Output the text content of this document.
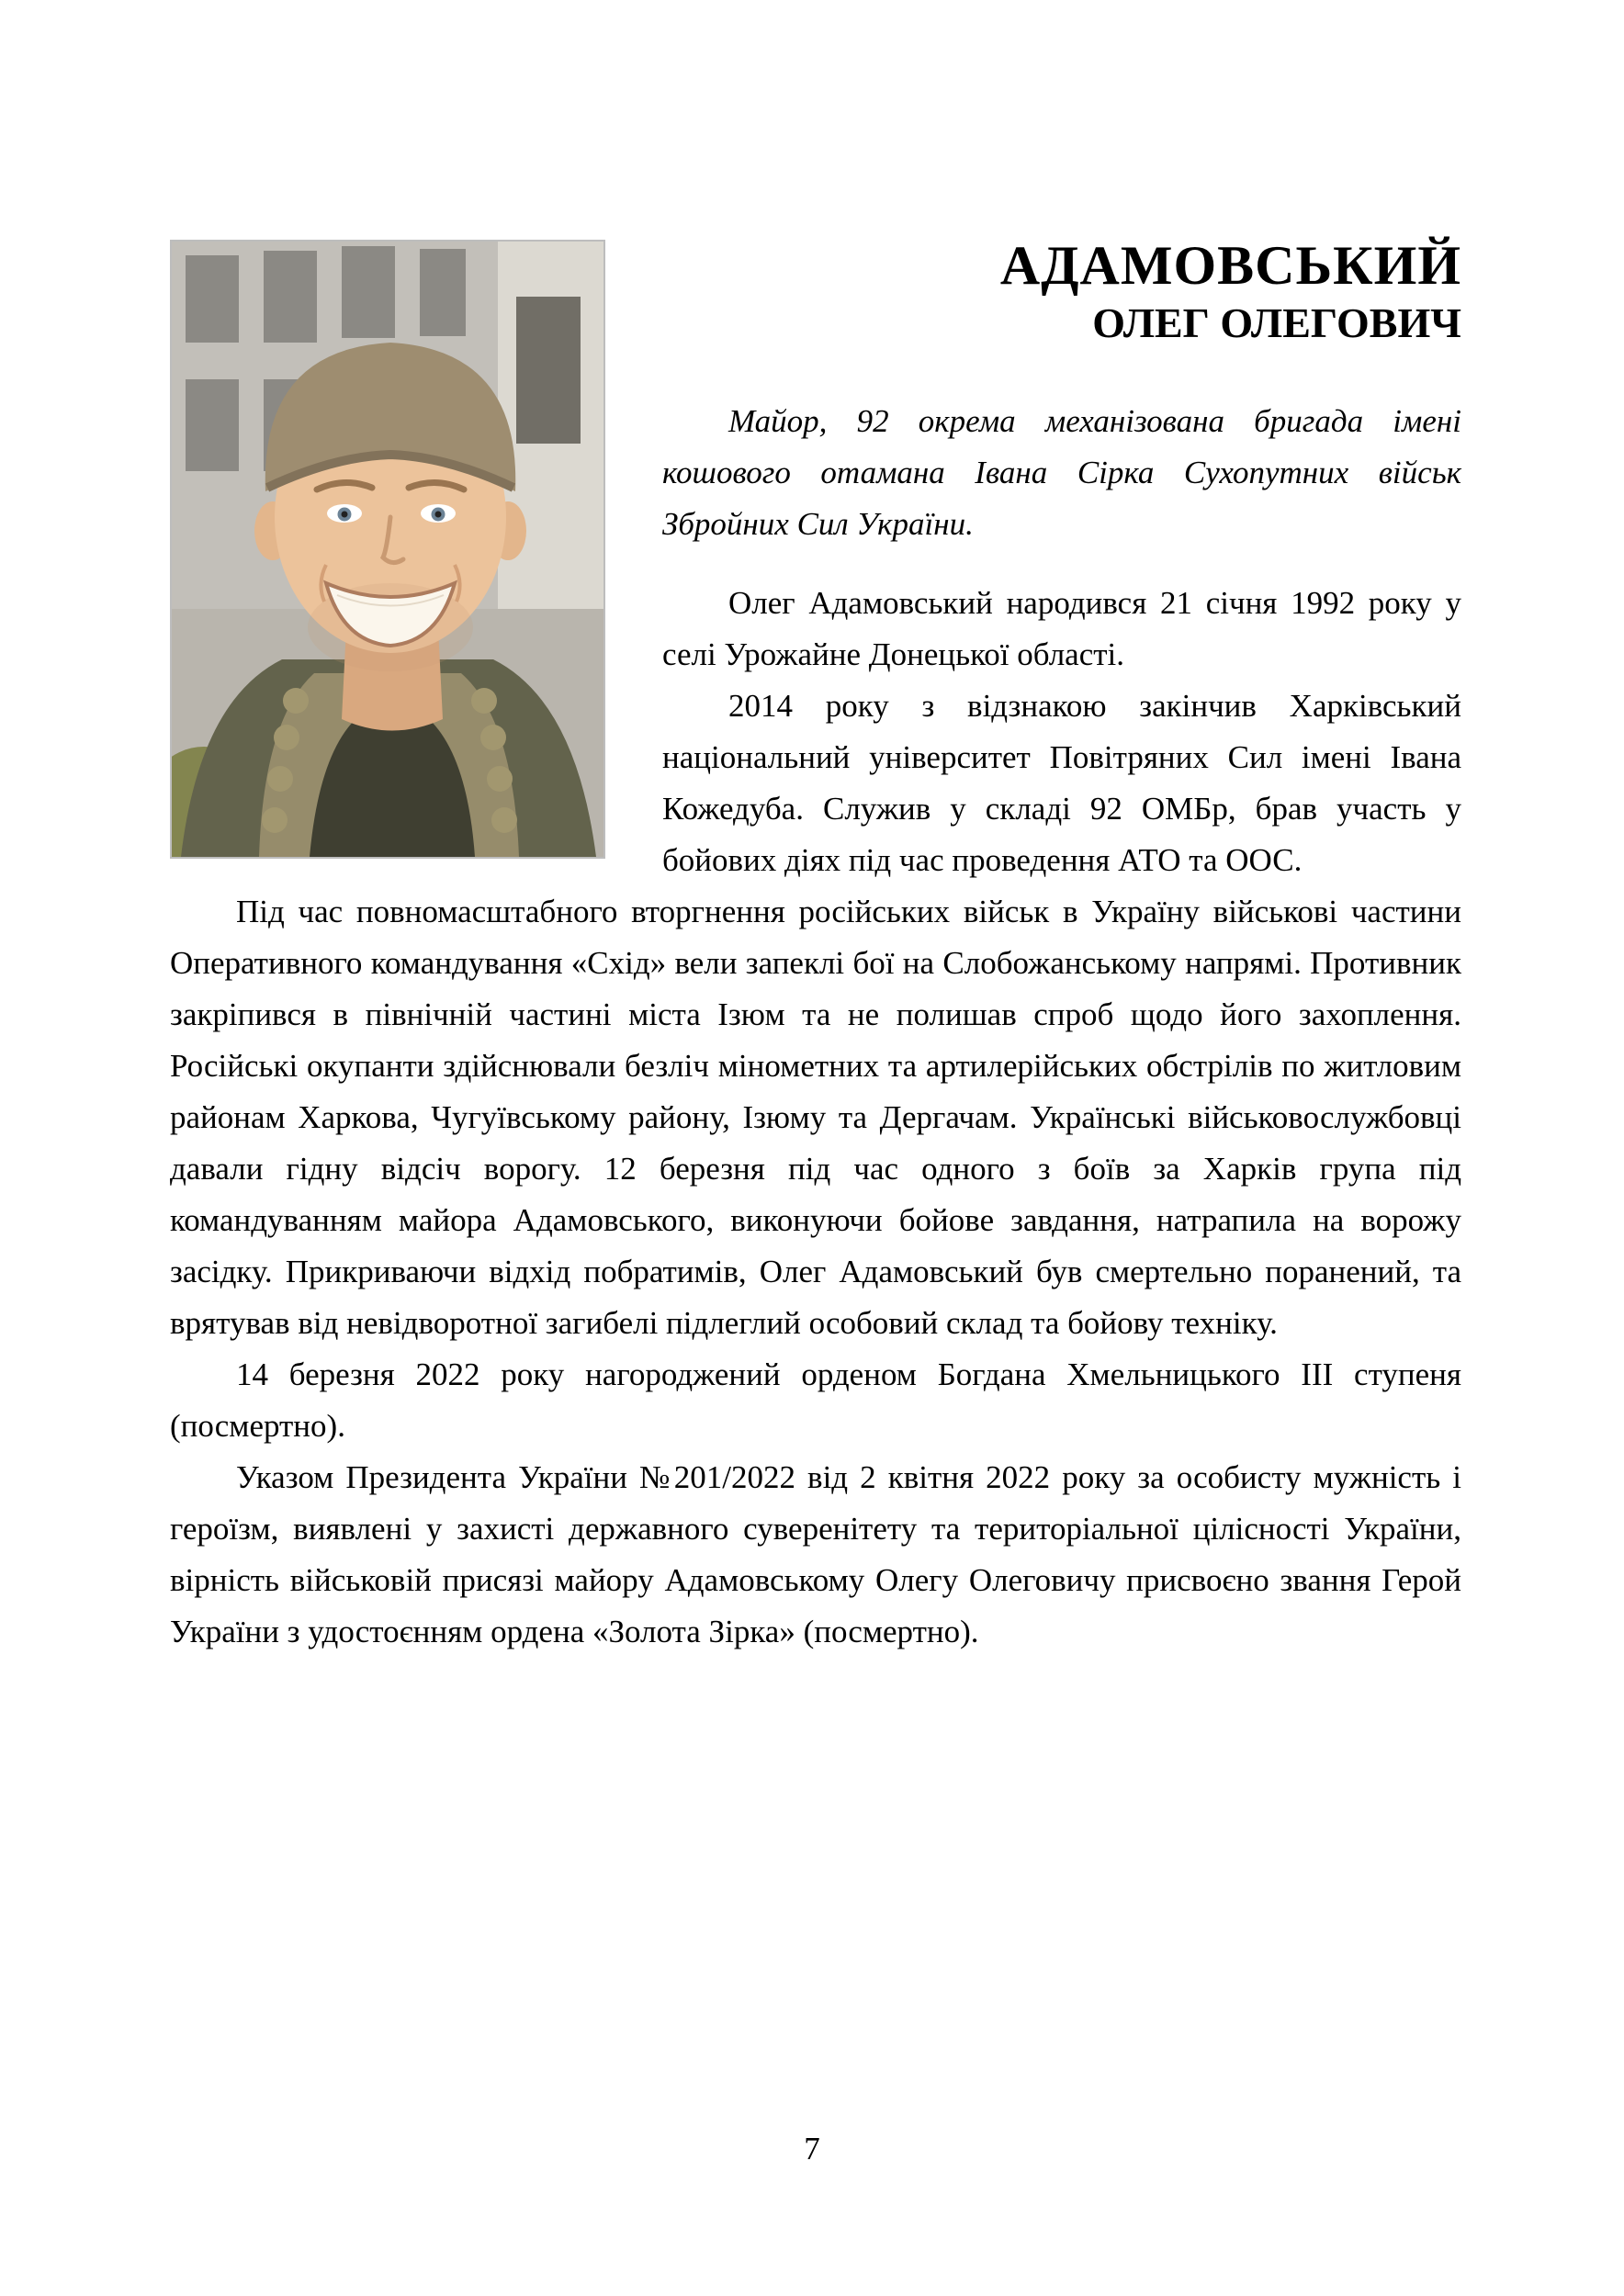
АДАМОВСЬКИЙ
ОЛЕГ ОЛЕГОВИЧ

Майор, 92 окрема механізована бригада імені кошового отамана Івана Сірка Сухопутних військ Збройних Сил України.

Олег Адамовський народився 21 січня 1992 року у селі Урожайне Донецької області.

2014 року з відзнакою закінчив Харківський національний університет Повітряних Сил імені Івана Кожедуба. Служив у складі 92 ОМБр, брав участь у бойових діях під час проведення АТО та ООС.

Під час повномасштабного вторгнення російських військ в Україну військові частини Оперативного командування «Схід» вели запеклі бої на Слобожанському напрямі. Противник закріпився в північній частині міста Ізюм та не полишав спроб щодо його захоплення. Російські окупанти здійснювали безліч мінометних та артилерійських обстрілів по житловим районам Харкова, Чугуївському району, Ізюму та Дергачам. Українські військовослужбовці давали гідну відсіч ворогу. 12 березня під час одного з боїв за Харків група під командуванням майора Адамовського, виконуючи бойове завдання, натрапила на ворожу засідку. Прикриваючи відхід побратимів, Олег Адамовський був смертельно поранений, та врятував від невідворотної загибелі підлеглий особовий склад та бойову техніку.

14 березня 2022 року нагороджений орденом Богдана Хмельницького III ступеня (посмертно).

Указом Президента України №201/2022 від 2 квітня 2022 року за особисту мужність і героїзм, виявлені у захисті державного суверенітету та територіальної цілісності України, вірність військовій присязі майору Адамовському Олегу Олеговичу присвоєно звання Герой України з удостоєнням ордена «Золота Зірка» (посмертно).

7
